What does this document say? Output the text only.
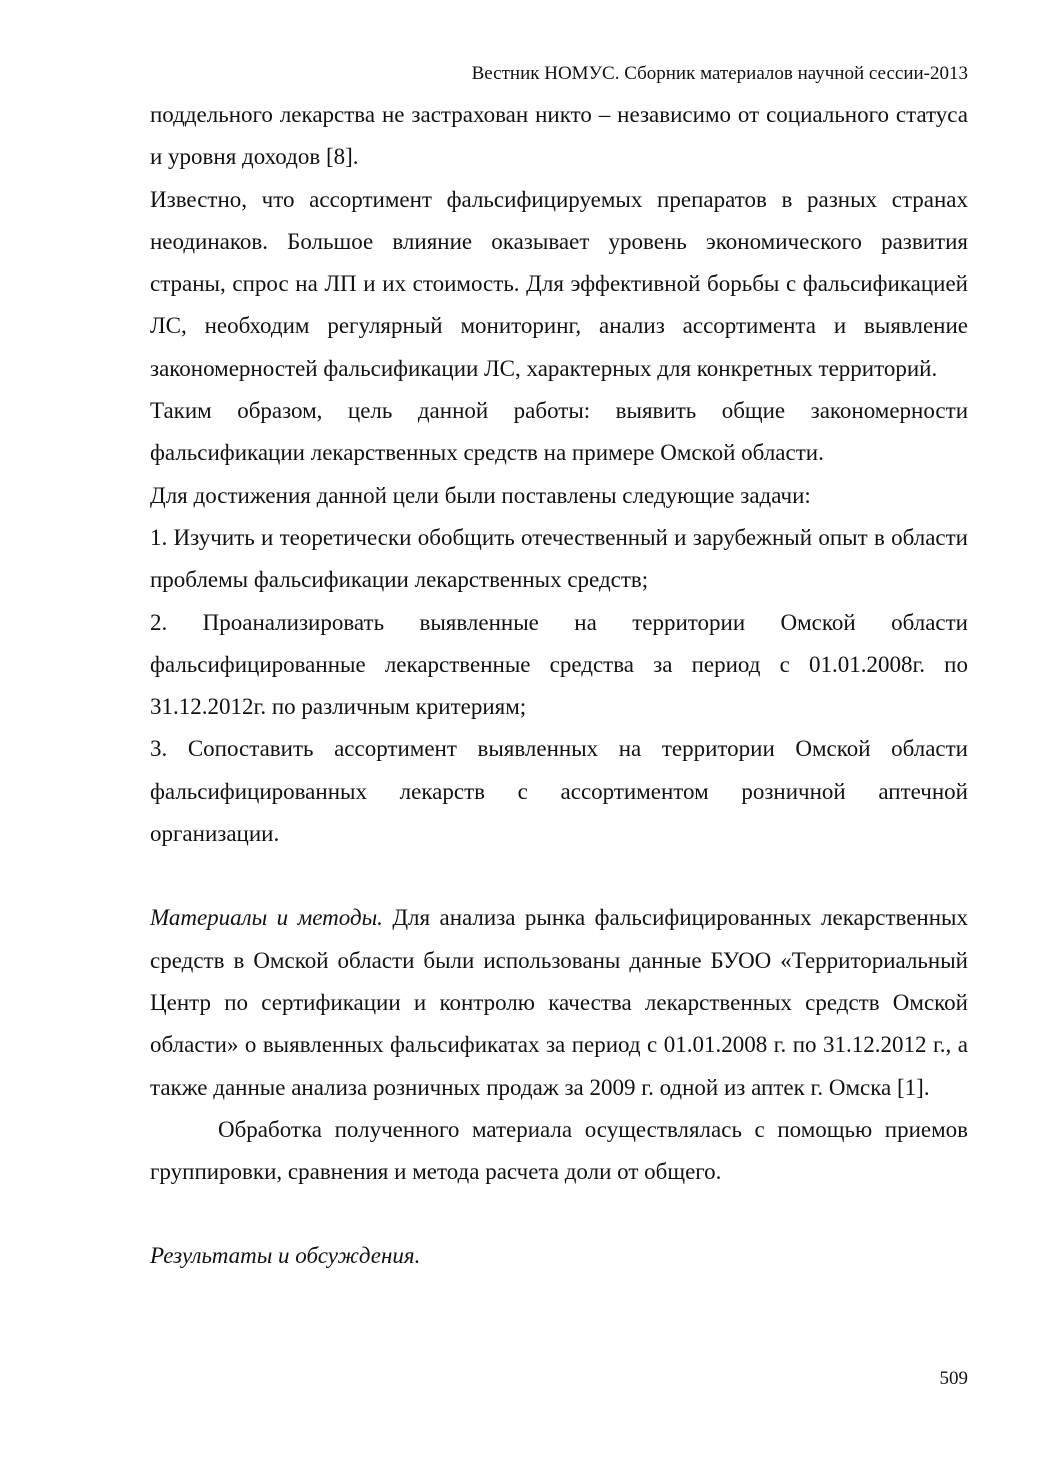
Вестник НОМУС. Сборник материалов научной сессии-2013

поддельного лекарства не застрахован никто – независимо от социального статуса и уровня доходов [8].

Известно, что ассортимент фальсифицируемых препаратов в разных странах неодинаков. Большое влияние оказывает уровень экономического развития страны, спрос на ЛП и их стоимость. Для эффективной борьбы с фальсификацией ЛС, необходим регулярный мониторинг, анализ ассортимента и выявление закономерностей фальсификации ЛС, характерных для конкретных территорий.

Таким образом, цель данной работы: выявить общие закономерности фальсификации лекарственных средств на примере Омской области.

Для достижения данной цели были поставлены следующие задачи:

1. Изучить и теоретически обобщить отечественный и зарубежный опыт в области проблемы фальсификации лекарственных средств;

2. Проанализировать выявленные на территории Омской области фальсифицированные лекарственные средства за период с 01.01.2008г. по 31.12.2012г. по различным критериям;

3. Сопоставить ассортимент выявленных на территории Омской области фальсифицированных лекарств с ассортиментом розничной аптечной организации.

Материалы и методы. Для анализа рынка фальсифицированных лекарственных средств в Омской области были использованы данные БУОО «Территориальный Центр по сертификации и контролю качества лекарственных средств Омской области» о выявленных фальсификатах за период с 01.01.2008 г. по 31.12.2012 г., а также данные анализа розничных продаж за 2009 г. одной из аптек г. Омска [1].

Обработка полученного материала осуществлялась с помощью приемов группировки, сравнения и метода расчета доли от общего.

Результаты и обсуждения.

509
